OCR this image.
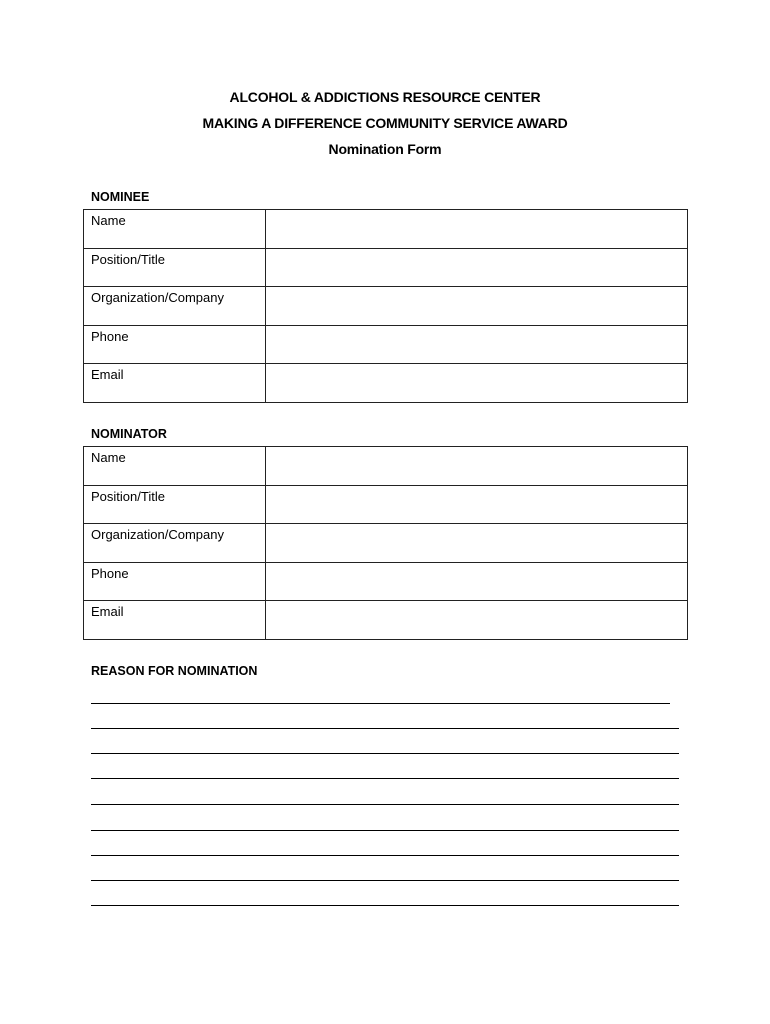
ALCOHOL & ADDICTIONS RESOURCE CENTER
MAKING A DIFFERENCE COMMUNITY SERVICE AWARD
Nomination Form
NOMINEE
Name	
Position/Title	
Organization/Company	
Phone	
Email	
NOMINATOR
Name	
Position/Title	
Organization/Company	
Phone	
Email	
REASON FOR NOMINATION
